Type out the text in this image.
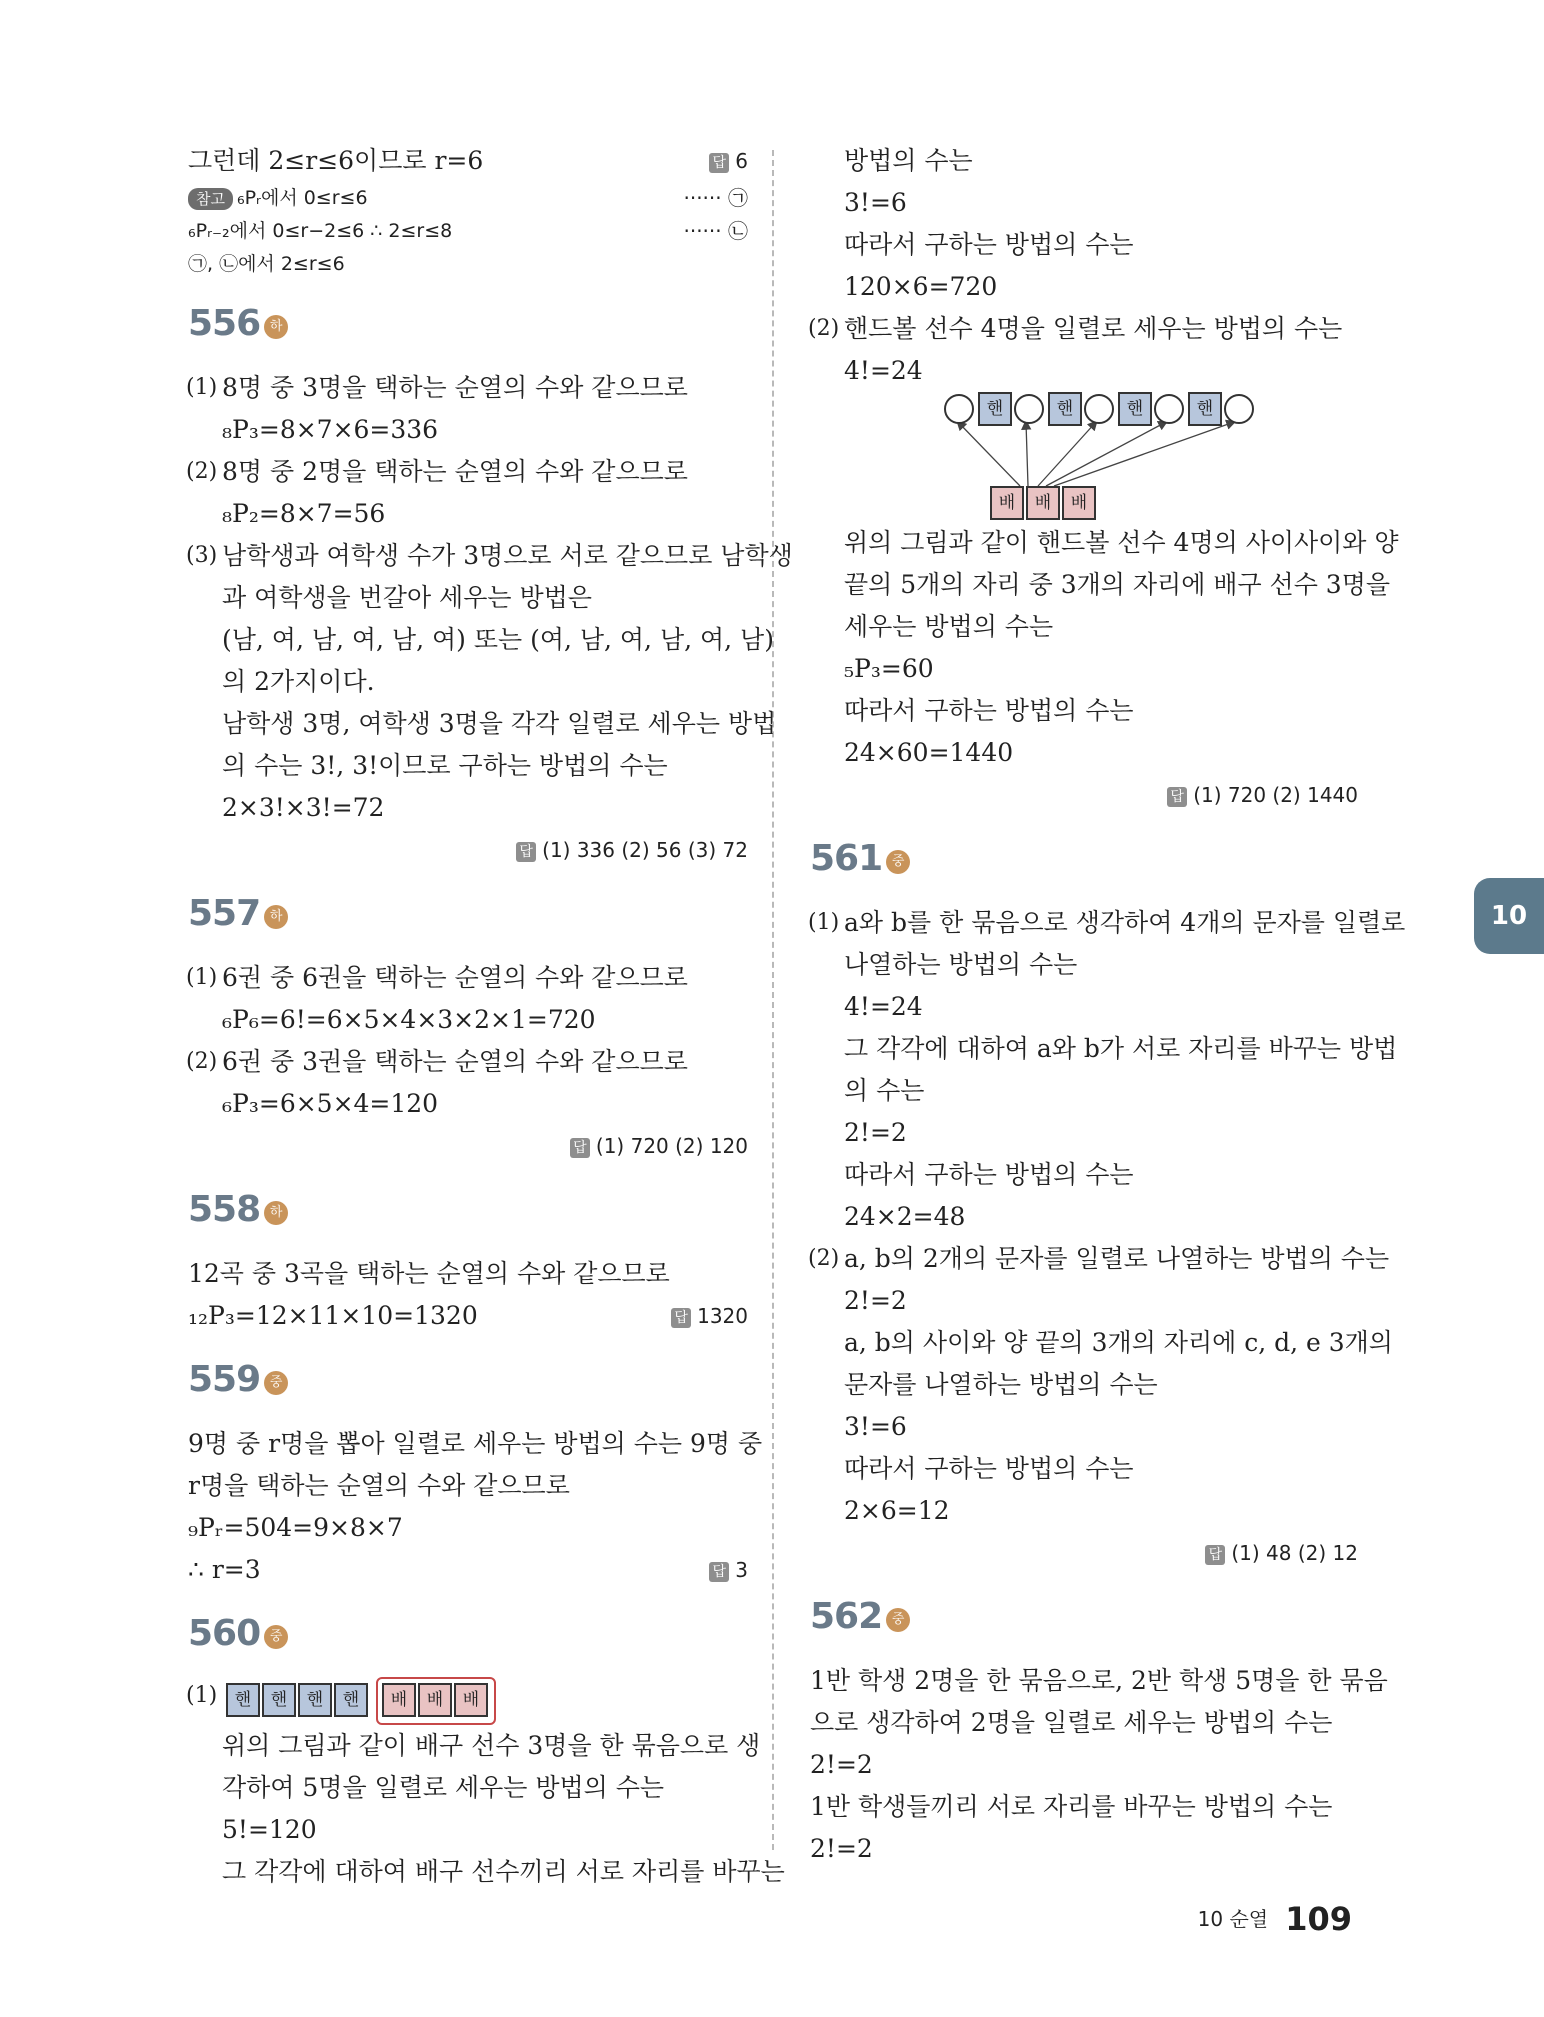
그런데 2≤r≤6이므로 r=6	답 6
참고 ₆Pᵣ에서 0≤r≤6	······ ㉠
₆Pᵣ₋₂에서 0≤r−2≤6 ∴ 2≤r≤8	······ ㉡
㉠, ㉡에서 2≤r≤6
556 하
(1) 8명 중 3명을 택하는 순열의 수와 같으므로
₈P₃=8×7×6=336
(2) 8명 중 2명을 택하는 순열의 수와 같으므로
₈P₂=8×7=56
(3) 남학생과 여학생 수가 3명으로 서로 같으므로 남학생
과 여학생을 번갈아 세우는 방법은
(남, 여, 남, 여, 남, 여) 또는 (여, 남, 여, 남, 여, 남)
의 2가지이다.
남학생 3명, 여학생 3명을 각각 일렬로 세우는 방법
의 수는 3!, 3!이므로 구하는 방법의 수는
2×3!×3!=72
답 (1) 336 (2) 56 (3) 72
557 하
(1) 6권 중 6권을 택하는 순열의 수와 같으므로
₆P₆=6!=6×5×4×3×2×1=720
(2) 6권 중 3권을 택하는 순열의 수와 같으므로
₆P₃=6×5×4=120
답 (1) 720 (2) 120
558 하
12곡 중 3곡을 택하는 순열의 수와 같으므로
₁₂P₃=12×11×10=1320	답 1320
559 중
9명 중 r명을 뽑아 일렬로 세우는 방법의 수는 9명 중
r명을 택하는 순열의 수와 같으므로
₉Pᵣ=504=9×8×7
∴ r=3	답 3
560 중
(1)	핸	핸	핸	핸	배	배	배
위의 그림과 같이 배구 선수 3명을 한 묶음으로 생
각하여 5명을 일렬로 세우는 방법의 수는
5!=120
그 각각에 대하여 배구 선수끼리 서로 자리를 바꾸는
방법의 수는
3!=6
따라서 구하는 방법의 수는
120×6=720
(2) 핸드볼 선수 4명을 일렬로 세우는 방법의 수는
4!=24
핸	핸	핸	핸
배	배	배
위의 그림과 같이 핸드볼 선수 4명의 사이사이와 양
끝의 5개의 자리 중 3개의 자리에 배구 선수 3명을
세우는 방법의 수는
₅P₃=60
따라서 구하는 방법의 수는
24×60=1440
답 (1) 720 (2) 1440
561 중
(1) a와 b를 한 묶음으로 생각하여 4개의 문자를 일렬로
나열하는 방법의 수는
4!=24
그 각각에 대하여 a와 b가 서로 자리를 바꾸는 방법
의 수는
2!=2
따라서 구하는 방법의 수는
24×2=48
(2) a, b의 2개의 문자를 일렬로 나열하는 방법의 수는
2!=2
a, b의 사이와 양 끝의 3개의 자리에 c, d, e 3개의
문자를 나열하는 방법의 수는
3!=6
따라서 구하는 방법의 수는
2×6=12
답 (1) 48 (2) 12
562 중
1반 학생 2명을 한 묶음으로, 2반 학생 5명을 한 묶음
으로 생각하여 2명을 일렬로 세우는 방법의 수는
2!=2
1반 학생들끼리 서로 자리를 바꾸는 방법의 수는
2!=2
10
10 순열 109
